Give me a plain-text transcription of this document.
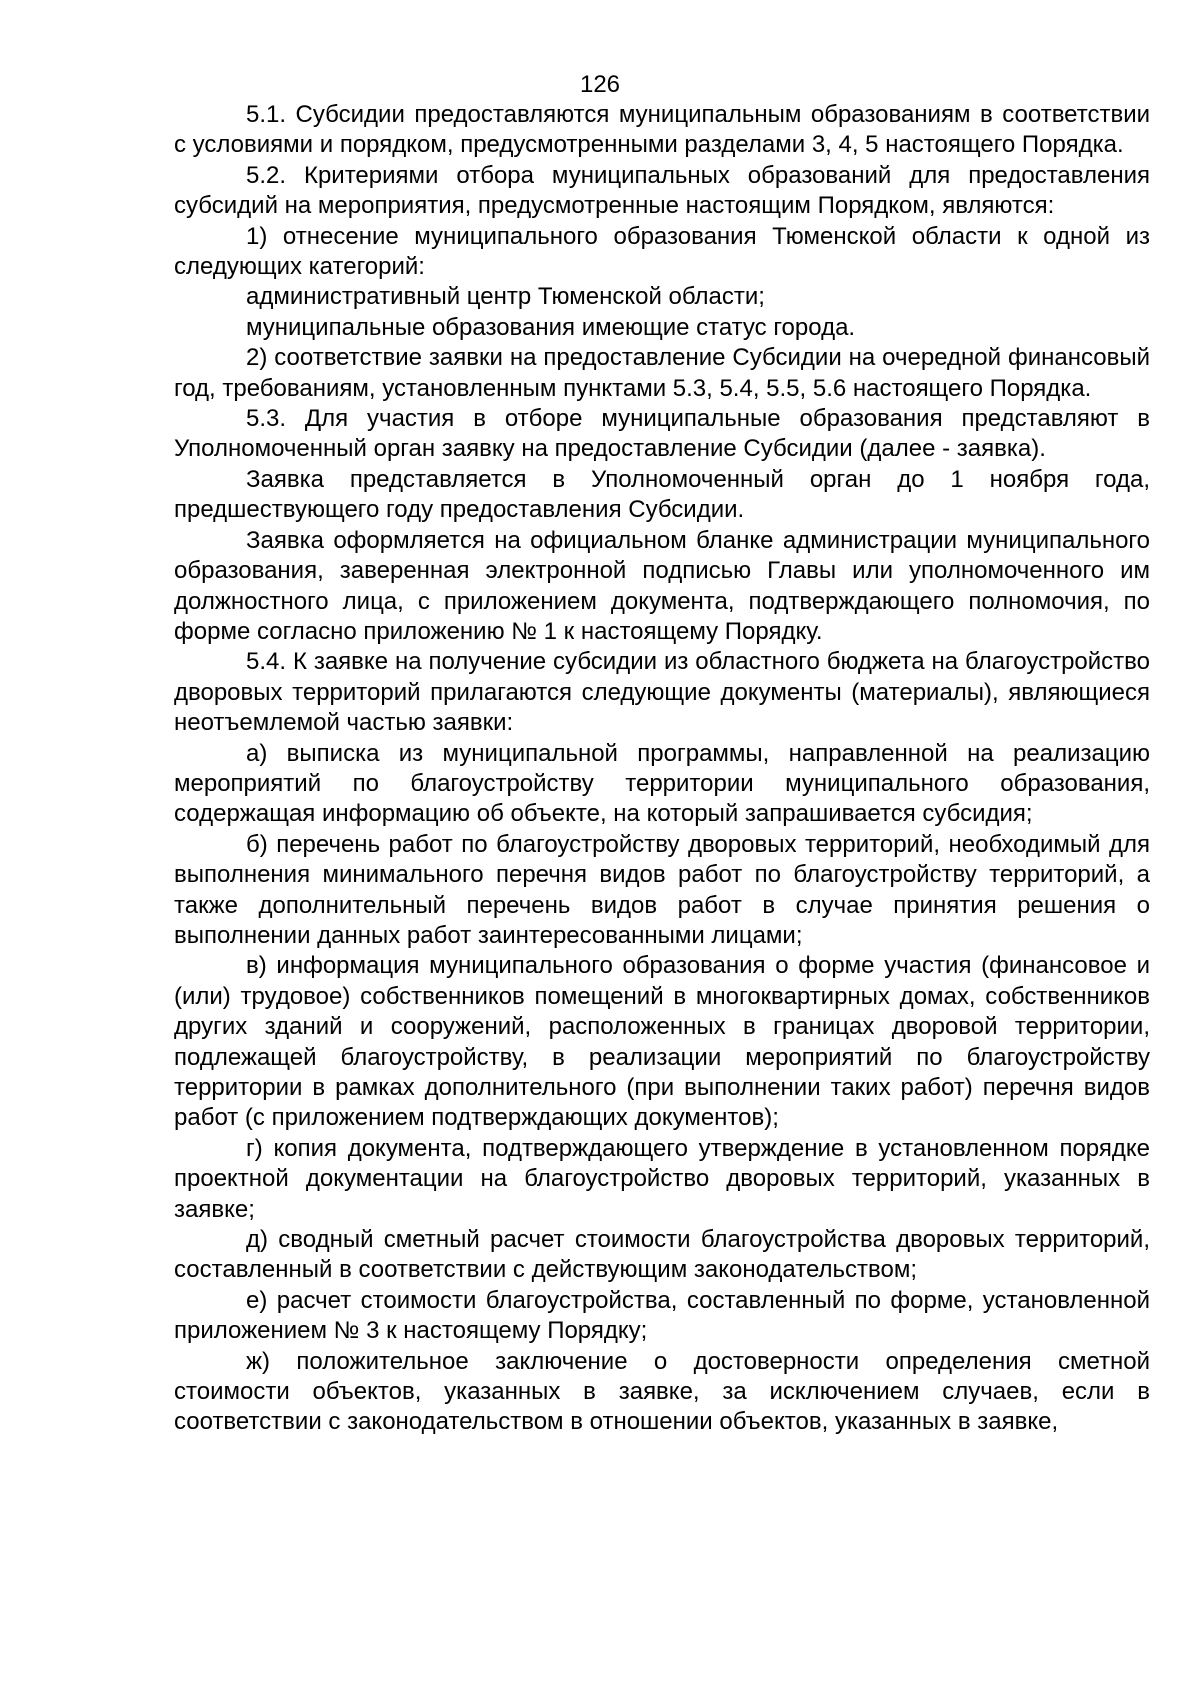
126

5.1. Субсидии предоставляются муниципальным образованиям в соответствии с условиями и порядком, предусмотренными разделами 3, 4, 5 настоящего Порядка.

5.2. Критериями отбора муниципальных образований для предоставления субсидий на мероприятия, предусмотренные настоящим Порядком, являются:

1) отнесение муниципального образования Тюменской области к одной из следующих категорий:

административный центр Тюменской области;

муниципальные образования имеющие статус города.

2) соответствие заявки на предоставление Субсидии на очередной финансовый год, требованиям, установленным пунктами 5.3, 5.4, 5.5, 5.6 настоящего Порядка.

5.3. Для участия в отборе муниципальные образования представляют в Уполномоченный орган заявку на предоставление Субсидии (далее - заявка).

Заявка представляется в Уполномоченный орган до 1 ноября года, предшествующего году предоставления Субсидии.

Заявка оформляется на официальном бланке администрации муниципального образования, заверенная электронной подписью Главы или уполномоченного им должностного лица, с приложением документа, подтверждающего полномочия, по форме согласно приложению № 1 к настоящему Порядку.

5.4. К заявке на получение субсидии из областного бюджета на благоустройство дворовых территорий прилагаются следующие документы (материалы), являющиеся неотъемлемой частью заявки:

а) выписка из муниципальной программы, направленной на реализацию мероприятий по благоустройству территории муниципального образования, содержащая информацию об объекте, на который запрашивается субсидия;

б) перечень работ по благоустройству дворовых территорий, необходимый для выполнения минимального перечня видов работ по благоустройству территорий, а также дополнительный перечень видов работ в случае принятия решения о выполнении данных работ заинтересованными лицами;

в) информация муниципального образования о форме участия (финансовое и (или) трудовое) собственников помещений в многоквартирных домах, собственников других зданий и сооружений, расположенных в границах дворовой территории, подлежащей благоустройству, в реализации мероприятий по благоустройству территории в рамках дополнительного (при выполнении таких работ) перечня видов работ (с приложением подтверждающих документов);

г) копия документа, подтверждающего утверждение в установленном порядке проектной документации на благоустройство дворовых территорий, указанных в заявке;

д) сводный сметный расчет стоимости благоустройства дворовых территорий, составленный в соответствии с действующим законодательством;

е) расчет стоимости благоустройства, составленный по форме, установленной приложением № 3 к настоящему Порядку;

ж) положительное заключение о достоверности определения сметной стоимости объектов, указанных в заявке, за исключением случаев, если в соответствии с законодательством в отношении объектов, указанных в заявке,
